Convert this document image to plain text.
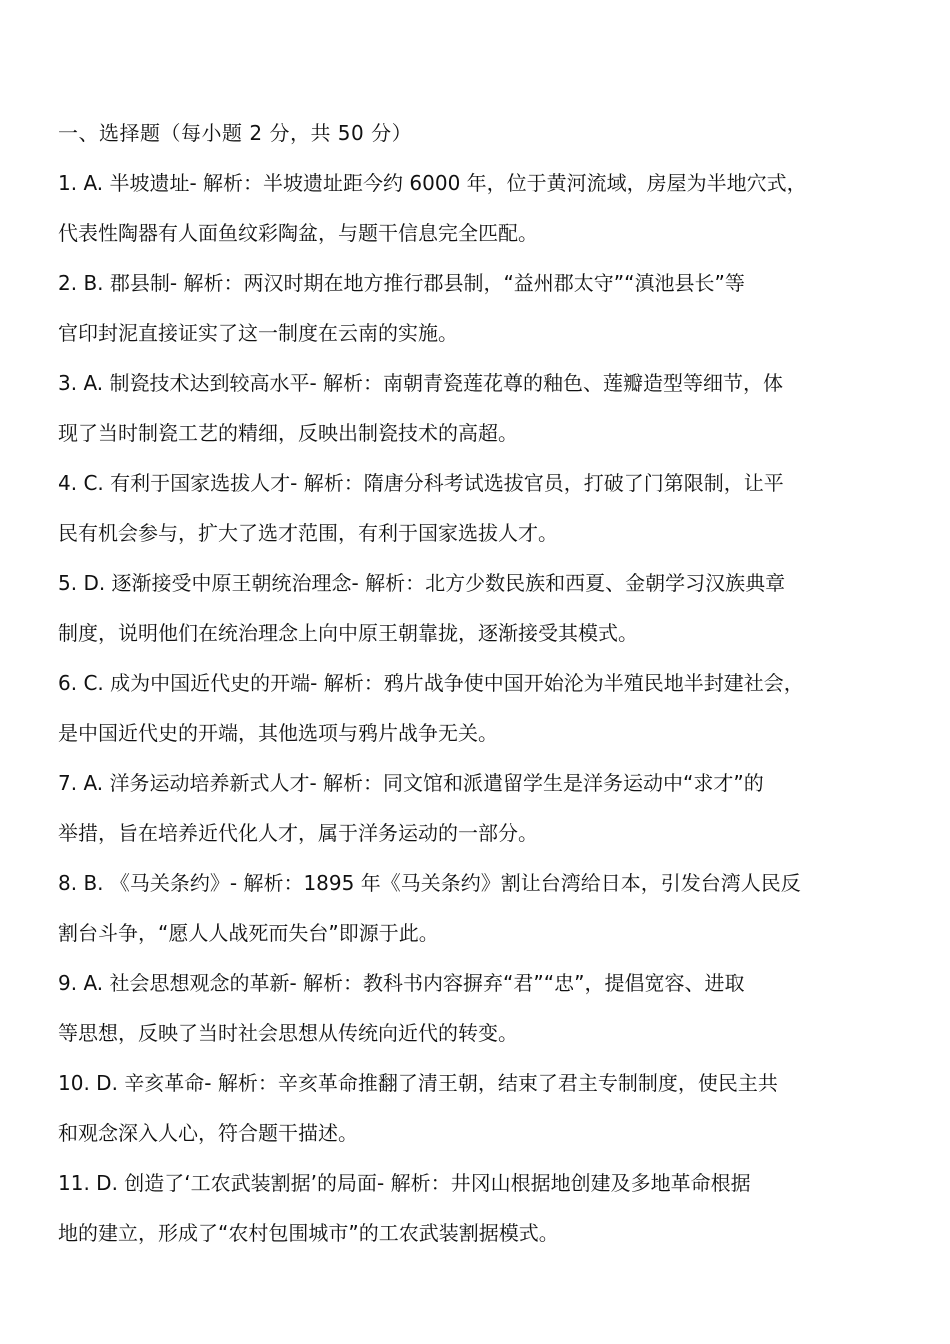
一、选择题（每小题 2 分，共 50 分）

1. A. 半坡遗址- 解析：半坡遗址距今约 6000 年，位于黄河流域，房屋为半地穴式，

代表性陶器有人面鱼纹彩陶盆，与题干信息完全匹配。

2. B. 郡县制- 解析：两汉时期在地方推行郡县制，“益州郡太守”“滇池县长”等

官印封泥直接证实了这一制度在云南的实施。

3. A. 制瓷技术达到较高水平- 解析：南朝青瓷莲花尊的釉色、莲瓣造型等细节，体

现了当时制瓷工艺的精细，反映出制瓷技术的高超。

4. C. 有利于国家选拔人才- 解析：隋唐分科考试选拔官员，打破了门第限制，让平

民有机会参与，扩大了选才范围，有利于国家选拔人才。

5. D. 逐渐接受中原王朝统治理念- 解析：北方少数民族和西夏、金朝学习汉族典章

制度，说明他们在统治理念上向中原王朝靠拢，逐渐接受其模式。

6. C. 成为中国近代史的开端- 解析：鸦片战争使中国开始沦为半殖民地半封建社会，

是中国近代史的开端，其他选项与鸦片战争无关。

7. A. 洋务运动培养新式人才- 解析：同文馆和派遣留学生是洋务运动中“求才”的

举措，旨在培养近代化人才，属于洋务运动的一部分。

8. B. 《马关条约》- 解析：1895 年《马关条约》割让台湾给日本，引发台湾人民反

割台斗争，“愿人人战死而失台”即源于此。

9. A. 社会思想观念的革新- 解析：教科书内容摒弃“君”“忠”，提倡宽容、进取

等思想，反映了当时社会思想从传统向近代的转变。

10. D. 辛亥革命- 解析：辛亥革命推翻了清王朝，结束了君主专制制度，使民主共

和观念深入人心，符合题干描述。

11. D. 创造了‘工农武装割据’的局面- 解析：井冈山根据地创建及多地革命根据

地的建立，形成了“农村包围城市”的工农武装割据模式。
